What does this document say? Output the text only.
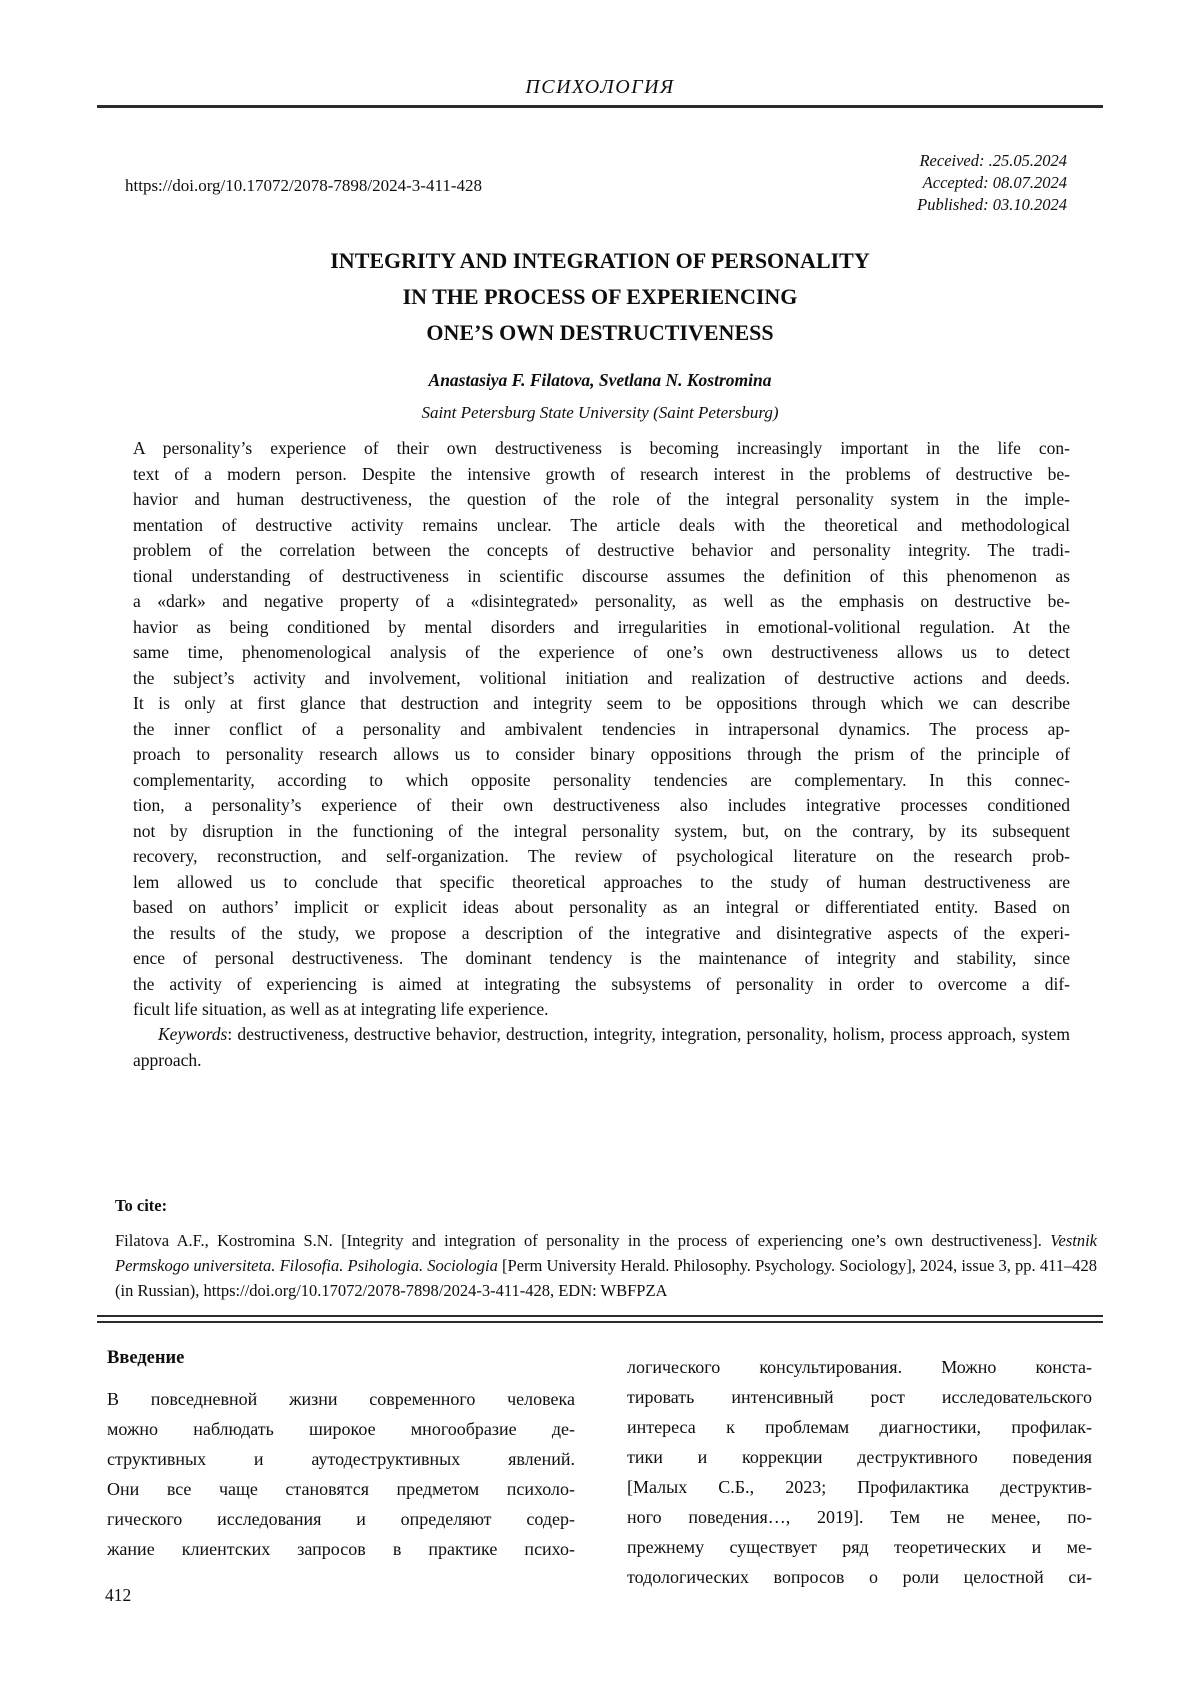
ПСИХОЛОГИЯ
Received: .25.05.2024
Accepted: 08.07.2024
Published: 03.10.2024
https://doi.org/10.17072/2078-7898/2024-3-411-428
INTEGRITY AND INTEGRATION OF PERSONALITY
IN THE PROCESS OF EXPERIENCING
ONE’S OWN DESTRUCTIVENESS
Anastasiya F. Filatova, Svetlana N. Kostromina
Saint Petersburg State University (Saint Petersburg)
A personality’s experience of their own destructiveness is becoming increasingly important in the life con-
text of a modern person. Despite the intensive growth of research interest in the problems of destructive be-
havior and human destructiveness, the question of the role of the integral personality system in the imple-
mentation of destructive activity remains unclear. The article deals with the theoretical and methodological
problem of the correlation between the concepts of destructive behavior and personality integrity. The tradi-
tional understanding of destructiveness in scientific discourse assumes the definition of this phenomenon as
a «dark» and negative property of a «disintegrated» personality, as well as the emphasis on destructive be-
havior as being conditioned by mental disorders and irregularities in emotional-volitional regulation. At the
same time, phenomenological analysis of the experience of one’s own destructiveness allows us to detect
the subject’s activity and involvement, volitional initiation and realization of destructive actions and deeds.
It is only at first glance that destruction and integrity seem to be oppositions through which we can describe
the inner conflict of a personality and ambivalent tendencies in intrapersonal dynamics. The process ap-
proach to personality research allows us to consider binary oppositions through the prism of the principle of
complementarity, according to which opposite personality tendencies are complementary. In this connec-
tion, a personality’s experience of their own destructiveness also includes integrative processes conditioned
not by disruption in the functioning of the integral personality system, but, on the contrary, by its subsequent
recovery, reconstruction, and self-organization. The review of psychological literature on the research prob-
lem allowed us to conclude that specific theoretical approaches to the study of human destructiveness are
based on authors’ implicit or explicit ideas about personality as an integral or differentiated entity. Based on
the results of the study, we propose a description of the integrative and disintegrative aspects of the experi-
ence of personal destructiveness. The dominant tendency is the maintenance of integrity and stability, since
the activity of experiencing is aimed at integrating the subsystems of personality in order to overcome a dif-
ficult life situation, as well as at integrating life experience.
Keywords: destructiveness, destructive behavior, destruction, integrity, integration, personality, holism, process approach, system approach.
To cite:
Filatova A.F., Kostromina S.N. [Integrity and integration of personality in the process of experiencing one’s own destructiveness]. Vestnik Permskogo universiteta. Filosofia. Psihologia. Sociologia [Perm University Herald. Philosophy. Psychology. Sociology], 2024, issue 3, pp. 411–428 (in Russian), https://doi.org/10.17072/2078-7898/2024-3-411-428, EDN: WBFPZA
Введение
В повседневной жизни современного человека
можно наблюдать широкое многообразие де-
структивных и аутодеструктивных явлений.
Они все чаще становятся предметом психоло-
гического исследования и определяют содер-
жание клиентских запросов в практике психо-
логического консультирования. Можно конста-
тировать интенсивный рост исследовательского
интереса к проблемам диагностики, профилак-
тики и коррекции деструктивного поведения
[Малых С.Б., 2023; Профилактика деструктив-
ного поведения…, 2019]. Тем не менее, по-
прежнему существует ряд теоретических и ме-
тодологических вопросов о роли целостной си-
412
